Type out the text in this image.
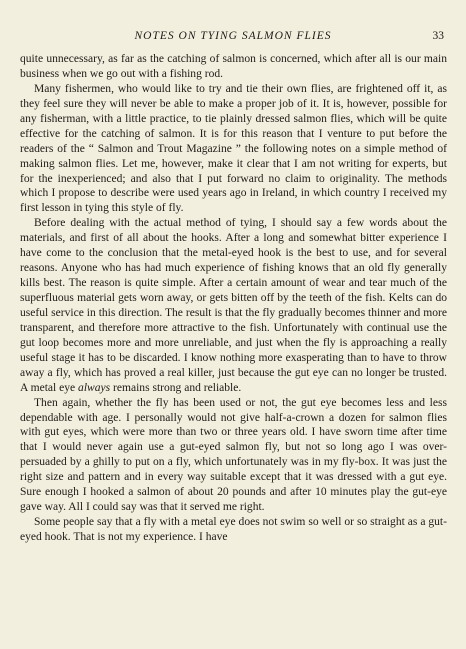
NOTES ON TYING SALMON FLIES	33

quite unnecessary, as far as the catching of salmon is concerned, which after all is our main business when we go out with a fishing rod.

Many fishermen, who would like to try and tie their own flies, are frightened off it, as they feel sure they will never be able to make a proper job of it. It is, however, possible for any fisherman, with a little practice, to tie plainly dressed salmon flies, which will be quite effective for the catching of salmon. It is for this reason that I venture to put before the readers of the “ Salmon and Trout Magazine ” the following notes on a simple method of making salmon flies. Let me, however, make it clear that I am not writing for experts, but for the inexperienced; and also that I put forward no claim to originality. The methods which I propose to describe were used years ago in Ireland, in which country I received my first lesson in tying this style of fly.

Before dealing with the actual method of tying, I should say a few words about the materials, and first of all about the hooks. After a long and somewhat bitter experience I have come to the conclusion that the metal-eyed hook is the best to use, and for several reasons. Anyone who has had much experience of fishing knows that an old fly generally kills best. The reason is quite simple. After a certain amount of wear and tear much of the superfluous material gets worn away, or gets bitten off by the teeth of the fish. Kelts can do useful service in this direction. The result is that the fly gradually becomes thinner and more transparent, and therefore more attractive to the fish. Unfortunately with continual use the gut loop becomes more and more unreliable, and just when the fly is approaching a really useful stage it has to be discarded. I know nothing more exasperating than to have to throw away a fly, which has proved a real killer, just because the gut eye can no longer be trusted. A metal eye always remains strong and reliable.

Then again, whether the fly has been used or not, the gut eye becomes less and less dependable with age. I personally would not give half-a-crown a dozen for salmon flies with gut eyes, which were more than two or three years old. I have sworn time after time that I would never again use a gut-eyed salmon fly, but not so long ago I was over-persuaded by a ghilly to put on a fly, which unfortunately was in my fly-box. It was just the right size and pattern and in every way suitable except that it was dressed with a gut eye. Sure enough I hooked a salmon of about 20 pounds and after 10 minutes play the gut-eye gave way. All I could say was that it served me right.

Some people say that a fly with a metal eye does not swim so well or so straight as a gut-eyed hook. That is not my experience. I have
